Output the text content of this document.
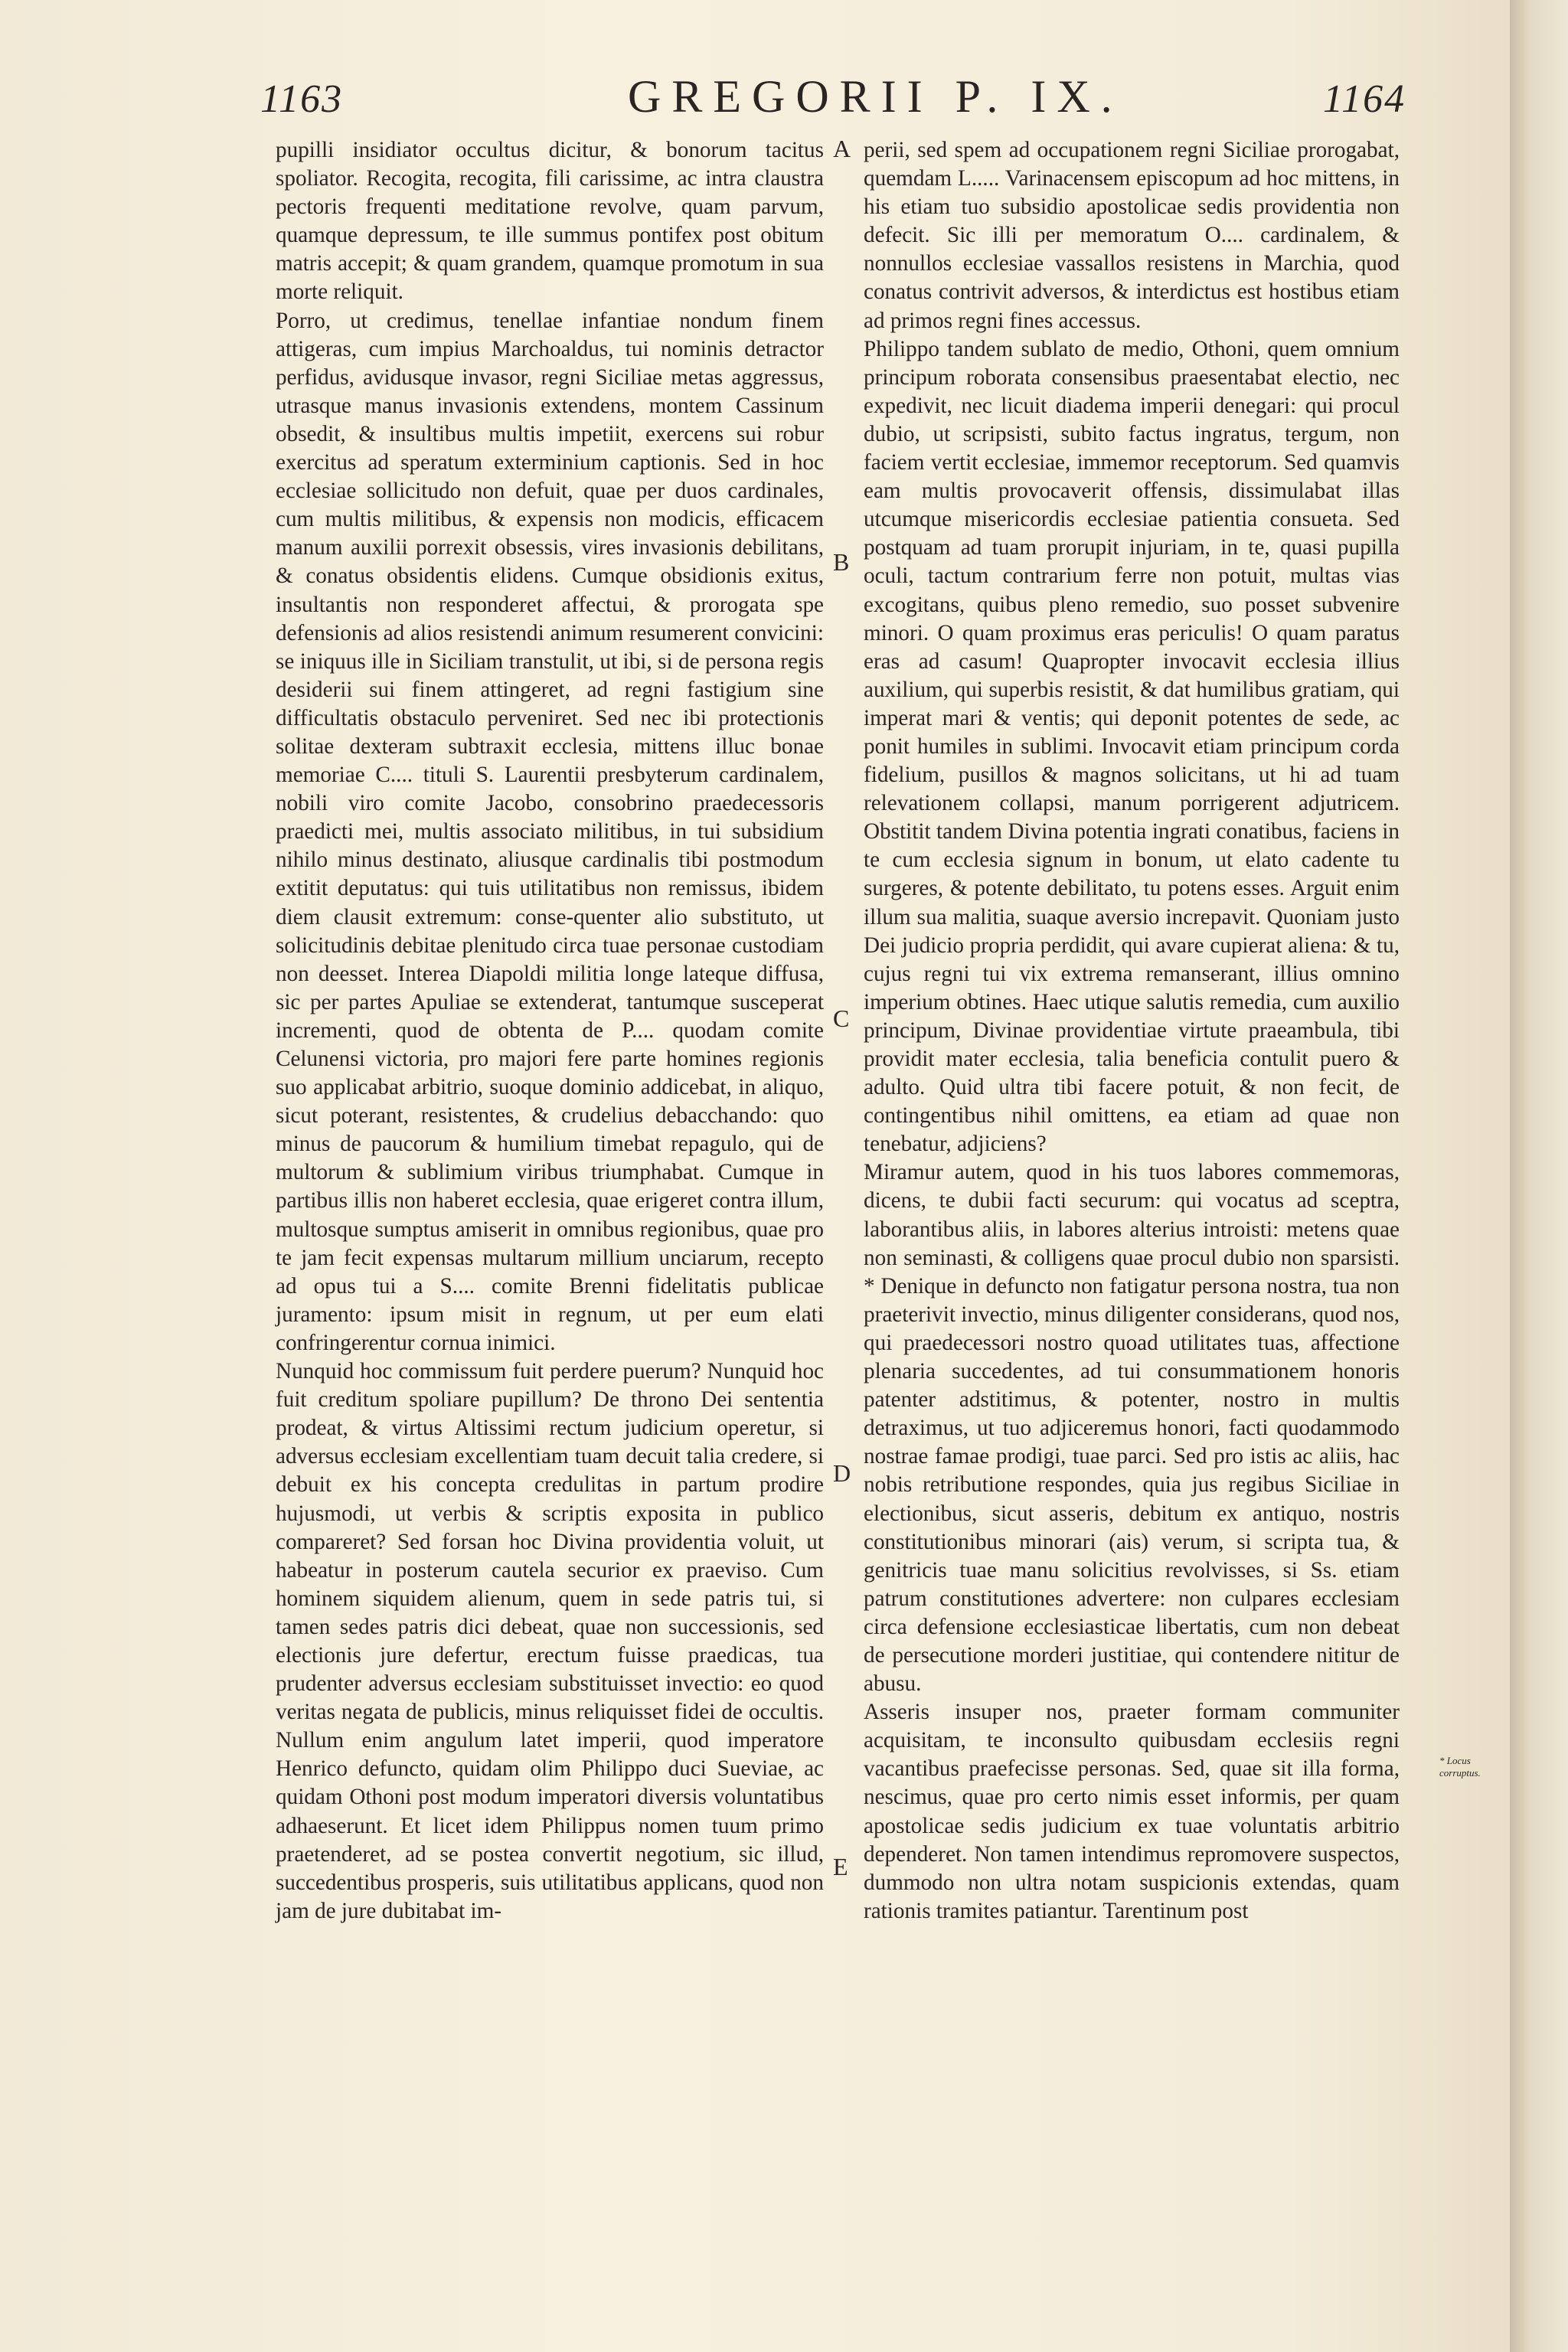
1163	GREGORII P. IX.	1164
pupilli insidiator occultus dicitur, & bonorum tacitus spoliator. Recogita, recogita, fili carissime, ac intra claustra pectoris frequenti meditatione revolve, quam parvum, quamque depressum, te ille summus pontifex post obitum matris accepit; & quam grandem, quamque promotum in sua morte reliquit.
Porro, ut credimus, tenellae infantiae nondum finem attigeras, cum impius Marchoaldus, tui nominis detractor perfidus, avidusque invasor, regni Siciliae metas aggressus, utrasque manus invasionis extendens, montem Cassinum obsedit, & insultibus multis impetiit, exercens sui robur exercitus ad speratum exterminium captionis. Sed in hoc ecclesiae sollicitudo non defuit, quae per duos cardinales, cum multis militibus, & expensis non modicis, efficacem manum auxilii porrexit obsessis, vires invasionis debilitans, & conatus obsidentis elidens. Cumque obsidionis exitus, insultantis non responderet affectui, & prorogata spe defensionis ad alios resistendi animum resumerent convicini: se iniquus ille in Siciliam transtulit, ut ibi, si de persona regis desiderii sui finem attingeret, ad regni fastigium sine difficultatis obstaculo perveniret. Sed nec ibi protectionis solitae dexteram subtraxit ecclesia, mittens illuc bonae memoriae C.... tituli S. Laurentii presbyterum cardinalem, nobili viro comite Jacobo, consobrino praedecessoris praedicti mei, multis associato militibus, in tui subsidium nihilo minus destinato, aliusque cardinalis tibi postmodum extitit deputatus: qui tuis utilitatibus non remissus, ibidem diem clausit extremum: conse-quenter alio substituto, ut solicitudinis debitae plenitudo circa tuae personae custodiam non deesset. Interea Diapoldi militia longe lateque diffusa, sic per partes Apuliae se extenderat, tantumque susceperat incrementi, quod de obtenta de P.... quodam comite Celunensi victoria, pro majori fere parte homines regionis suo applicabat arbitrio, suoque dominio addicebat, in aliquo, sicut poterant, resistentes, & crudelius debacchando: quo minus de paucorum & humilium timebat repagulo, qui de multorum & sublimium viribus triumphabat. Cumque in partibus illis non haberet ecclesia, quae erigeret contra illum, multosque sumptus amiserit in omnibus regionibus, quae pro te jam fecit expensas multarum millium unciarum, recepto ad opus tui a S.... comite Brenni fidelitatis publicae juramento: ipsum misit in regnum, ut per eum elati confringerentur cornua inimici.
Nunquid hoc commissum fuit perdere puerum? Nunquid hoc fuit creditum spoliare pupillum? De throno Dei sententia prodeat, & virtus Altissimi rectum judicium operetur, si adversus ecclesiam excellentiam tuam decuit talia credere, si debuit ex his concepta credulitas in partum prodire hujusmodi, ut verbis & scriptis exposita in publico compareret? Sed forsan hoc Divina providentia voluit, ut habeatur in posterum cautela securior ex praeviso. Cum hominem siquidem alienum, quem in sede patris tui, si tamen sedes patris dici debeat, quae non successionis, sed electionis jure defertur, erectum fuisse praedicas, tua prudenter adversus ecclesiam substituisset invectio: eo quod veritas negata de publicis, minus reliquisset fidei de occultis. Nullum enim angulum latet imperii, quod imperatore Henrico defuncto, quidam olim Philippo duci Sueviae, ac quidam Othoni post modum imperatori diversis voluntatibus adhaeserunt. Et licet idem Philippus nomen tuum primo praetenderet, ad se postea convertit negotium, sic illud, succedentibus prosperis, suis utilitatibus applicans, quod non jam de jure dubitabat im-
A
B
C
D
E
perii, sed spem ad occupationem regni Siciliae prorogabat, quemdam L..... Varinacensem episcopum ad hoc mittens, in his etiam tuo subsidio apostolicae sedis providentia non defecit. Sic illi per memoratum O.... cardinalem, & nonnullos ecclesiae vassallos resistens in Marchia, quod conatus contrivit adversos, & interdictus est hostibus etiam ad primos regni fines accessus.
Philippo tandem sublato de medio, Othoni, quem omnium principum roborata consensibus praesentabat electio, nec expedivit, nec licuit diadema imperii denegari: qui procul dubio, ut scripsisti, subito factus ingratus, tergum, non faciem vertit ecclesiae, immemor receptorum. Sed quamvis eam multis provocaverit offensis, dissimulabat illas utcumque misericordis ecclesiae patientia consueta. Sed postquam ad tuam prorupit injuriam, in te, quasi pupilla oculi, tactum contrarium ferre non potuit, multas vias excogitans, quibus pleno remedio, suo posset subvenire minori. O quam proximus eras periculis! O quam paratus eras ad casum! Quapropter invocavit ecclesia illius auxilium, qui superbis resistit, & dat humilibus gratiam, qui imperat mari & ventis; qui deponit potentes de sede, ac ponit humiles in sublimi. Invocavit etiam principum corda fidelium, pusillos & magnos solicitans, ut hi ad tuam relevationem collapsi, manum porrigerent adjutricem. Obstitit tandem Divina potentia ingrati conatibus, faciens in te cum ecclesia signum in bonum, ut elato cadente tu surgeres, & potente debilitato, tu potens esses. Arguit enim illum sua malitia, suaque aversio increpavit. Quoniam justo Dei judicio propria perdidit, qui avare cupierat aliena: & tu, cujus regni tui vix extrema remanserant, illius omnino imperium obtines. Haec utique salutis remedia, cum auxilio principum, Divinae providentiae virtute praeambula, tibi providit mater ecclesia, talia beneficia contulit puero & adulto. Quid ultra tibi facere potuit, & non fecit, de contingentibus nihil omittens, ea etiam ad quae non tenebatur, adjiciens?
Miramur autem, quod in his tuos labores commemoras, dicens, te dubii facti securum: qui vocatus ad sceptra, laborantibus aliis, in labores alterius introisti: metens quae non seminasti, & colligens quae procul dubio non sparsisti. * Denique in defuncto non fatigatur persona nostra, tua non praeterivit invectio, minus diligenter considerans, quod nos, qui praedecessori nostro quoad utilitates tuas, affectione plenaria succedentes, ad tui consummationem honoris patenter adstitimus, & potenter, nostro in multis detraximus, ut tuo adjiceremus honori, facti quodammodo nostrae famae prodigi, tuae parci. Sed pro istis ac aliis, hac nobis retributione respondes, quia jus regibus Siciliae in electionibus, sicut asseris, debitum ex antiquo, nostris constitutionibus minorari (ais) verum, si scripta tua, & genitricis tuae manu solicitius revolvisses, si Ss. etiam patrum constitutiones advertere: non culpares ecclesiam circa defensione ecclesiasticae libertatis, cum non debeat de persecutione morderi justitiae, qui contendere nititur de abusu.
Asseris insuper nos, praeter formam communiter acquisitam, te inconsulto quibusdam ecclesiis regni vacantibus praefecisse personas. Sed, quae sit illa forma, nescimus, quae pro certo nimis esset informis, per quam apostolicae sedis judicium ex tuae voluntatis arbitrio dependeret. Non tamen intendimus repromovere suspectos, dummodo non ultra notam suspicionis extendas, quam rationis tramites patiantur. Tarentinum post
* Locus corruptus.
